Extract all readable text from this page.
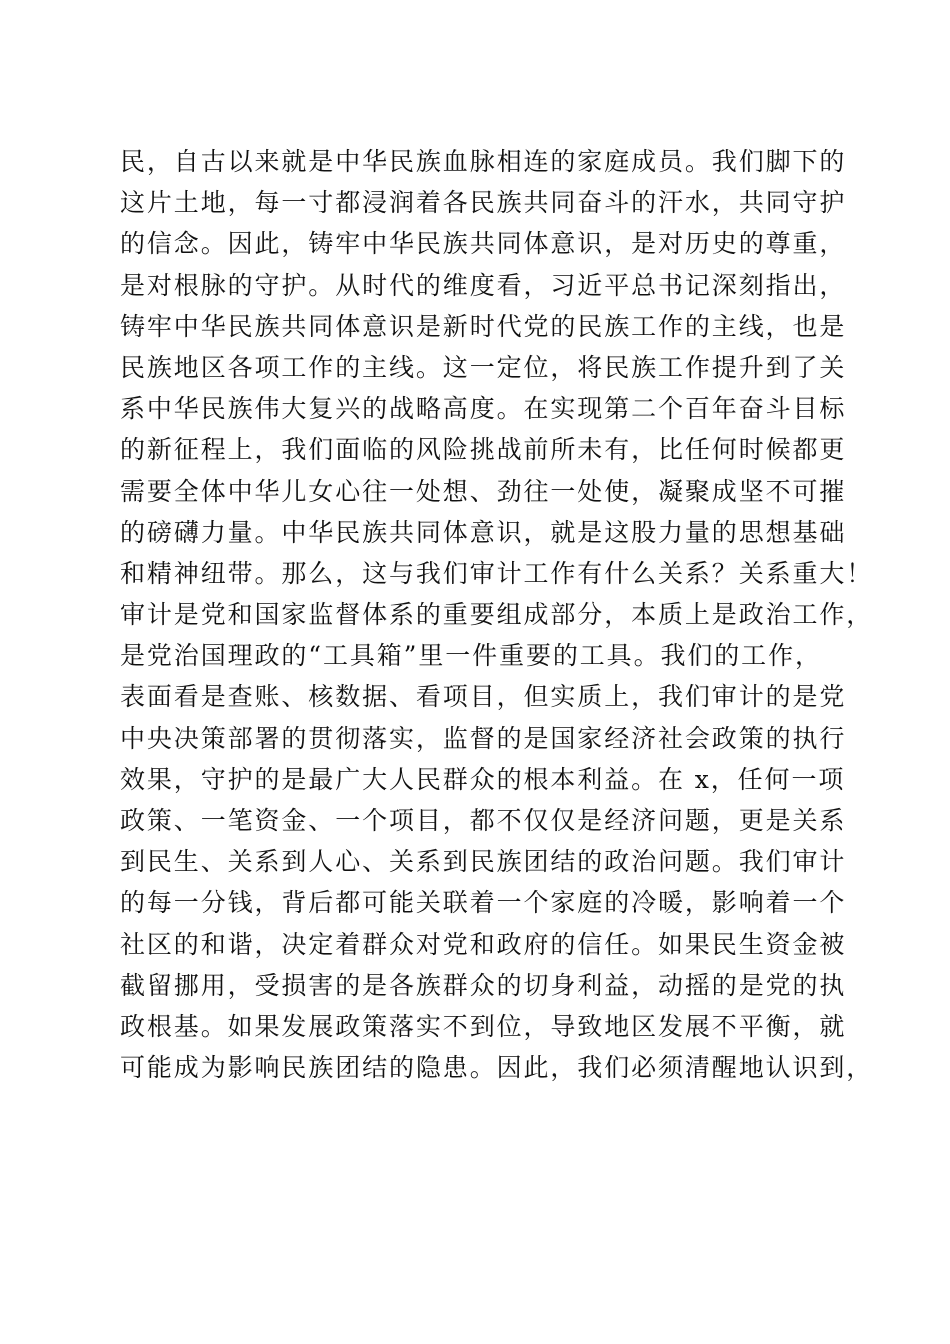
民，自古以来就是中华民族血脉相连的家庭成员。我们脚下的
这片土地，每一寸都浸润着各民族共同奋斗的汗水，共同守护
的信念。因此，铸牢中华民族共同体意识，是对历史的尊重，
是对根脉的守护。从时代的维度看，习近平总书记深刻指出，
铸牢中华民族共同体意识是新时代党的民族工作的主线，也是
民族地区各项工作的主线。这一定位，将民族工作提升到了关
系中华民族伟大复兴的战略高度。在实现第二个百年奋斗目标
的新征程上，我们面临的风险挑战前所未有，比任何时候都更
需要全体中华儿女心往一处想、劲往一处使，凝聚成坚不可摧
的磅礴力量。中华民族共同体意识，就是这股力量的思想基础
和精神纽带。那么，这与我们审计工作有什么关系？关系重大！
审计是党和国家监督体系的重要组成部分，本质上是政治工作，
是党治国理政的“工具箱”里一件重要的工具。我们的工作，
表面看是查账、核数据、看项目，但实质上，我们审计的是党
中央决策部署的贯彻落实，监督的是国家经济社会政策的执行
效果，守护的是最广大人民群众的根本利益。在 x，任何一项
政策、一笔资金、一个项目，都不仅仅是经济问题，更是关系
到民生、关系到人心、关系到民族团结的政治问题。我们审计
的每一分钱，背后都可能关联着一个家庭的冷暖，影响着一个
社区的和谐，决定着群众对党和政府的信任。如果民生资金被
截留挪用，受损害的是各族群众的切身利益，动摇的是党的执
政根基。如果发展政策落实不到位，导致地区发展不平衡，就
可能成为影响民族团结的隐患。因此，我们必须清醒地认识到，
